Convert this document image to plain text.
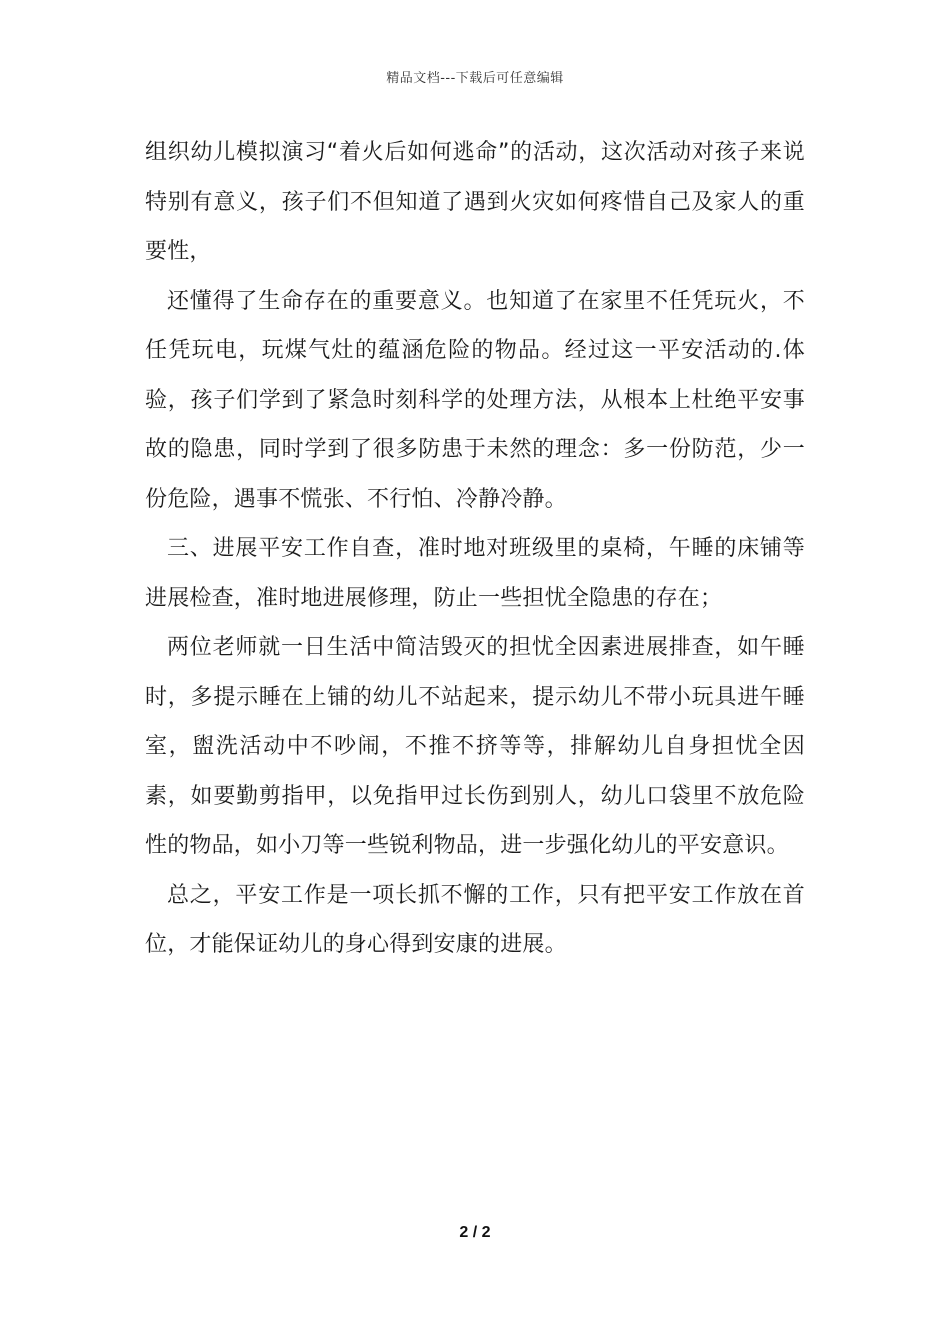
精品文档---下载后可任意编辑

组织幼儿模拟演习“着火后如何逃命”的活动，这次活动对孩子来说特别有意义，孩子们不但知道了遇到火灾如何疼惜自己及家人的重要性，

还懂得了生命存在的重要意义。也知道了在家里不任凭玩火，不任凭玩电，玩煤气灶的蕴涵危险的物品。经过这一平安活动的.体验，孩子们学到了紧急时刻科学的处理方法，从根本上杜绝平安事故的隐患，同时学到了很多防患于未然的理念：多一份防范，少一份危险，遇事不慌张、不行怕、冷静冷静。

三、进展平安工作自查，准时地对班级里的桌椅，午睡的床铺等进展检查，准时地进展修理，防止一些担忧全隐患的存在；

两位老师就一日生活中简洁毁灭的担忧全因素进展排查，如午睡时，多提示睡在上铺的幼儿不站起来，提示幼儿不带小玩具进午睡室，盥洗活动中不吵闹，不推不挤等等，排解幼儿自身担忧全因素，如要勤剪指甲，以免指甲过长伤到别人，幼儿口袋里不放危险性的物品，如小刀等一些锐利物品，进一步强化幼儿的平安意识。

总之，平安工作是一项长抓不懈的工作，只有把平安工作放在首位，才能保证幼儿的身心得到安康的进展。

2 / 2
